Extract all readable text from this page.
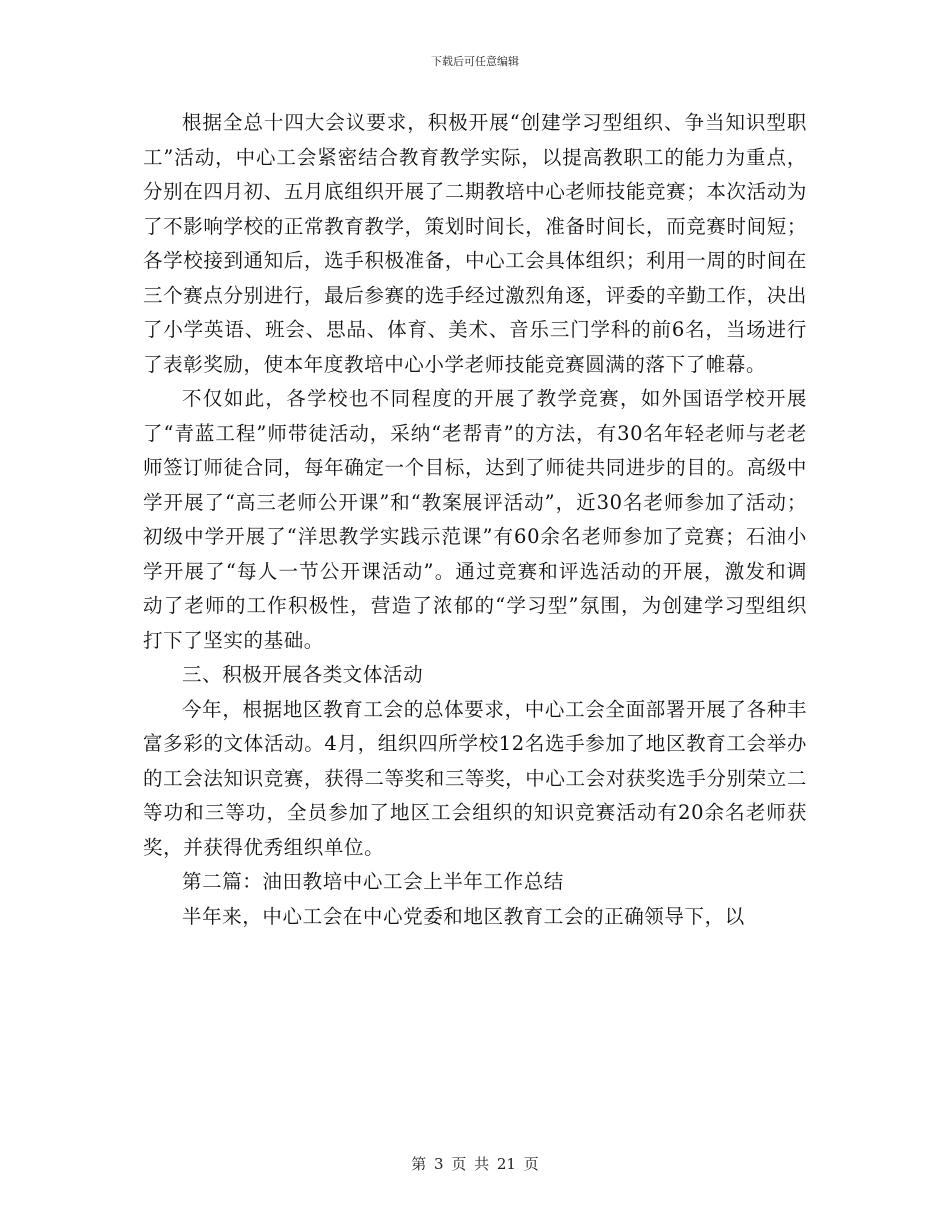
下载后可任意编辑

根据全总十四大会议要求，积极开展“创建学习型组织、争当知识型职工”活动，中心工会紧密结合教育教学实际，以提高教职工的能力为重点，分别在四月初、五月底组织开展了二期教培中心老师技能竞赛；本次活动为了不影响学校的正常教育教学，策划时间长，准备时间长，而竞赛时间短；各学校接到通知后，选手积极准备，中心工会具体组织；利用一周的时间在三个赛点分别进行，最后参赛的选手经过激烈角逐，评委的辛勤工作，决出了小学英语、班会、思品、体育、美术、音乐三门学科的前6名，当场进行了表彰奖励，使本年度教培中心小学老师技能竞赛圆满的落下了帷幕。

不仅如此，各学校也不同程度的开展了教学竞赛，如外国语学校开展了“青蓝工程”师带徒活动，采纳“老帮青”的方法，有30名年轻老师与老老师签订师徒合同，每年确定一个目标，达到了师徒共同进步的目的。高级中学开展了“高三老师公开课”和“教案展评活动”，近30名老师参加了活动；初级中学开展了“洋思教学实践示范课”有60余名老师参加了竞赛；石油小学开展了“每人一节公开课活动”。通过竞赛和评选活动的开展，激发和调动了老师的工作积极性，营造了浓郁的“学习型”氛围，为创建学习型组织打下了坚实的基础。

三、积极开展各类文体活动

今年，根据地区教育工会的总体要求，中心工会全面部署开展了各种丰富多彩的文体活动。4月，组织四所学校12名选手参加了地区教育工会举办的工会法知识竞赛，获得二等奖和三等奖，中心工会对获奖选手分别荣立二等功和三等功，全员参加了地区工会组织的知识竞赛活动有20余名老师获奖，并获得优秀组织单位。

第二篇：油田教培中心工会上半年工作总结

半年来，中心工会在中心党委和地区教育工会的正确领导下，以

第 3 页 共 21 页
